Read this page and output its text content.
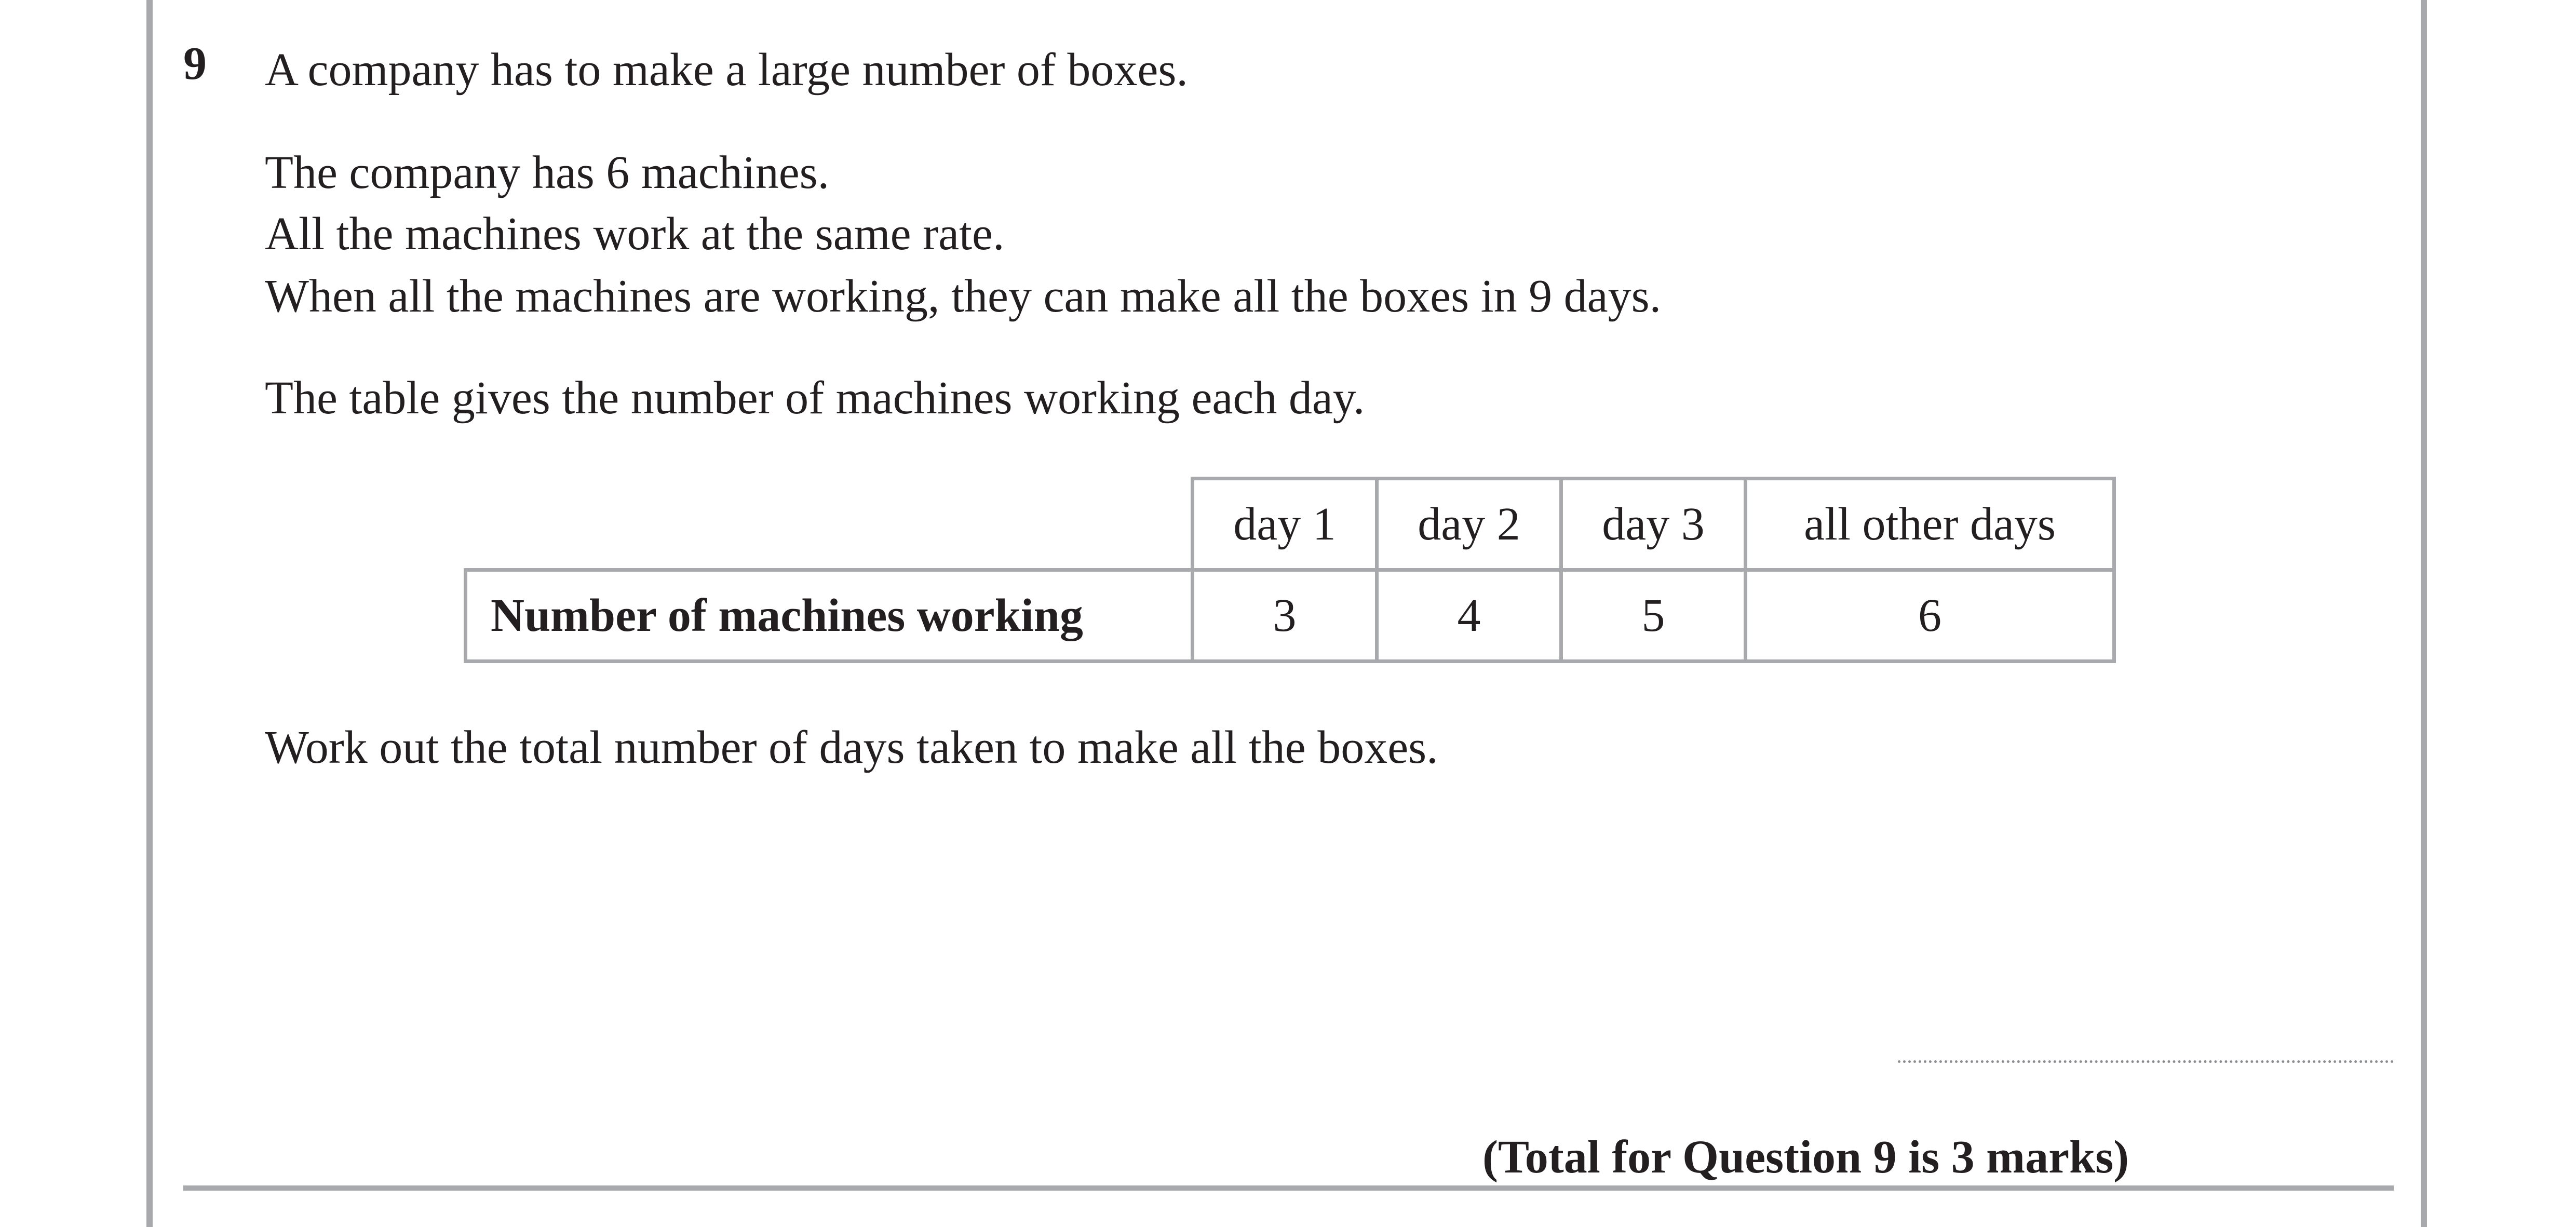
9 A company has to make a large number of boxes.
The company has 6 machines.
All the machines work at the same rate.
When all the machines are working, they can make all the boxes in 9 days.
The table gives the number of machines working each day.
	day 1	day 2	day 3	all other days
Number of machines working	3	4	5	6
Work out the total number of days taken to make all the boxes.
(Total for Question 9 is 3 marks)
